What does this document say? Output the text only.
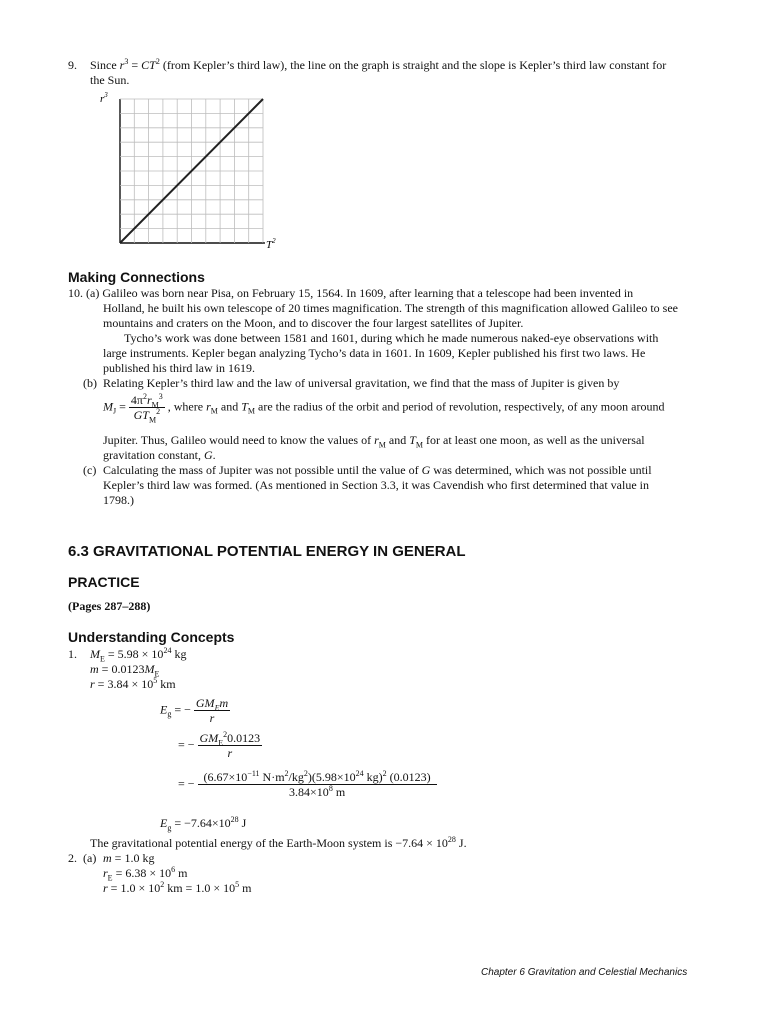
9. Since $r^3 = CT^2$ (from Kepler’s third law), the line on the graph is straight and the slope is Kepler’s third law constant for
the Sun.
$r^3$
$T^2$
Making Connections
10. (a) Galileo was born near Pisa, on February 15, 1564. In 1609, after learning that a telescope had been invented in
Holland, he built his own telescope of 20 times magnification. The strength of this magnification allowed Galileo to see
mountains and craters on the Moon, and to discover the four largest satellites of Jupiter.
Tycho’s work was done between 1581 and 1601, during which he made numerous naked-eye observations with
large instruments. Kepler began analyzing Tycho’s data in 1601. In 1609, Kepler published his first two laws. He
published his third law in 1619.
(b) Relating Kepler’s third law and the law of universal gravitation, we find that the mass of Jupiter is given by
$M_J = \frac{4\pi^2r_M^3}{GT_M^2}$ , where $r_M$ and $T_M$ are the radius of the orbit and period of revolution, respectively, of any moon around
Jupiter. Thus, Galileo would need to know the values of $r_M$ and $T_M$ for at least one moon, as well as the universal
gravitation constant, G.
(c) Calculating the mass of Jupiter was not possible until the value of G was determined, which was not possible until
Kepler’s third law was formed. (As mentioned in Section 3.3, it was Cavendish who first determined that value in
1798.)
6.3 GRAVITATIONAL POTENTIAL ENERGY IN GENERAL
PRACTICE
(Pages 287–288)
Understanding Concepts
1. $M_E = 5.98 \times 10^{24}$ kg
$m = 0.0123M_E$
$r = 3.84 \times 10^5$ km
$E_g$ = − $\frac{GM_Em}{r}$
= − $\frac{GM_E^20.0123}{r}$
= − $\frac{(6.67\times 10^{-11} N\cdot m^2/kg^2)(5.98\times 10^{24} kg)^2 (0.0123)}{3.84\times 10^8 m}$
$E_g = -7.64\times 10^{28}$ J
The gravitational potential energy of the Earth-Moon system is $-7.64 \times 10^{28}$ J.
2. (a) m = 1.0 kg
$r_E = 6.38 \times 10^6$ m
$r = 1.0 \times 10^2$ km = $1.0 \times 10^5$ m
Chapter 6 Gravitation and Celestial Mechanics
